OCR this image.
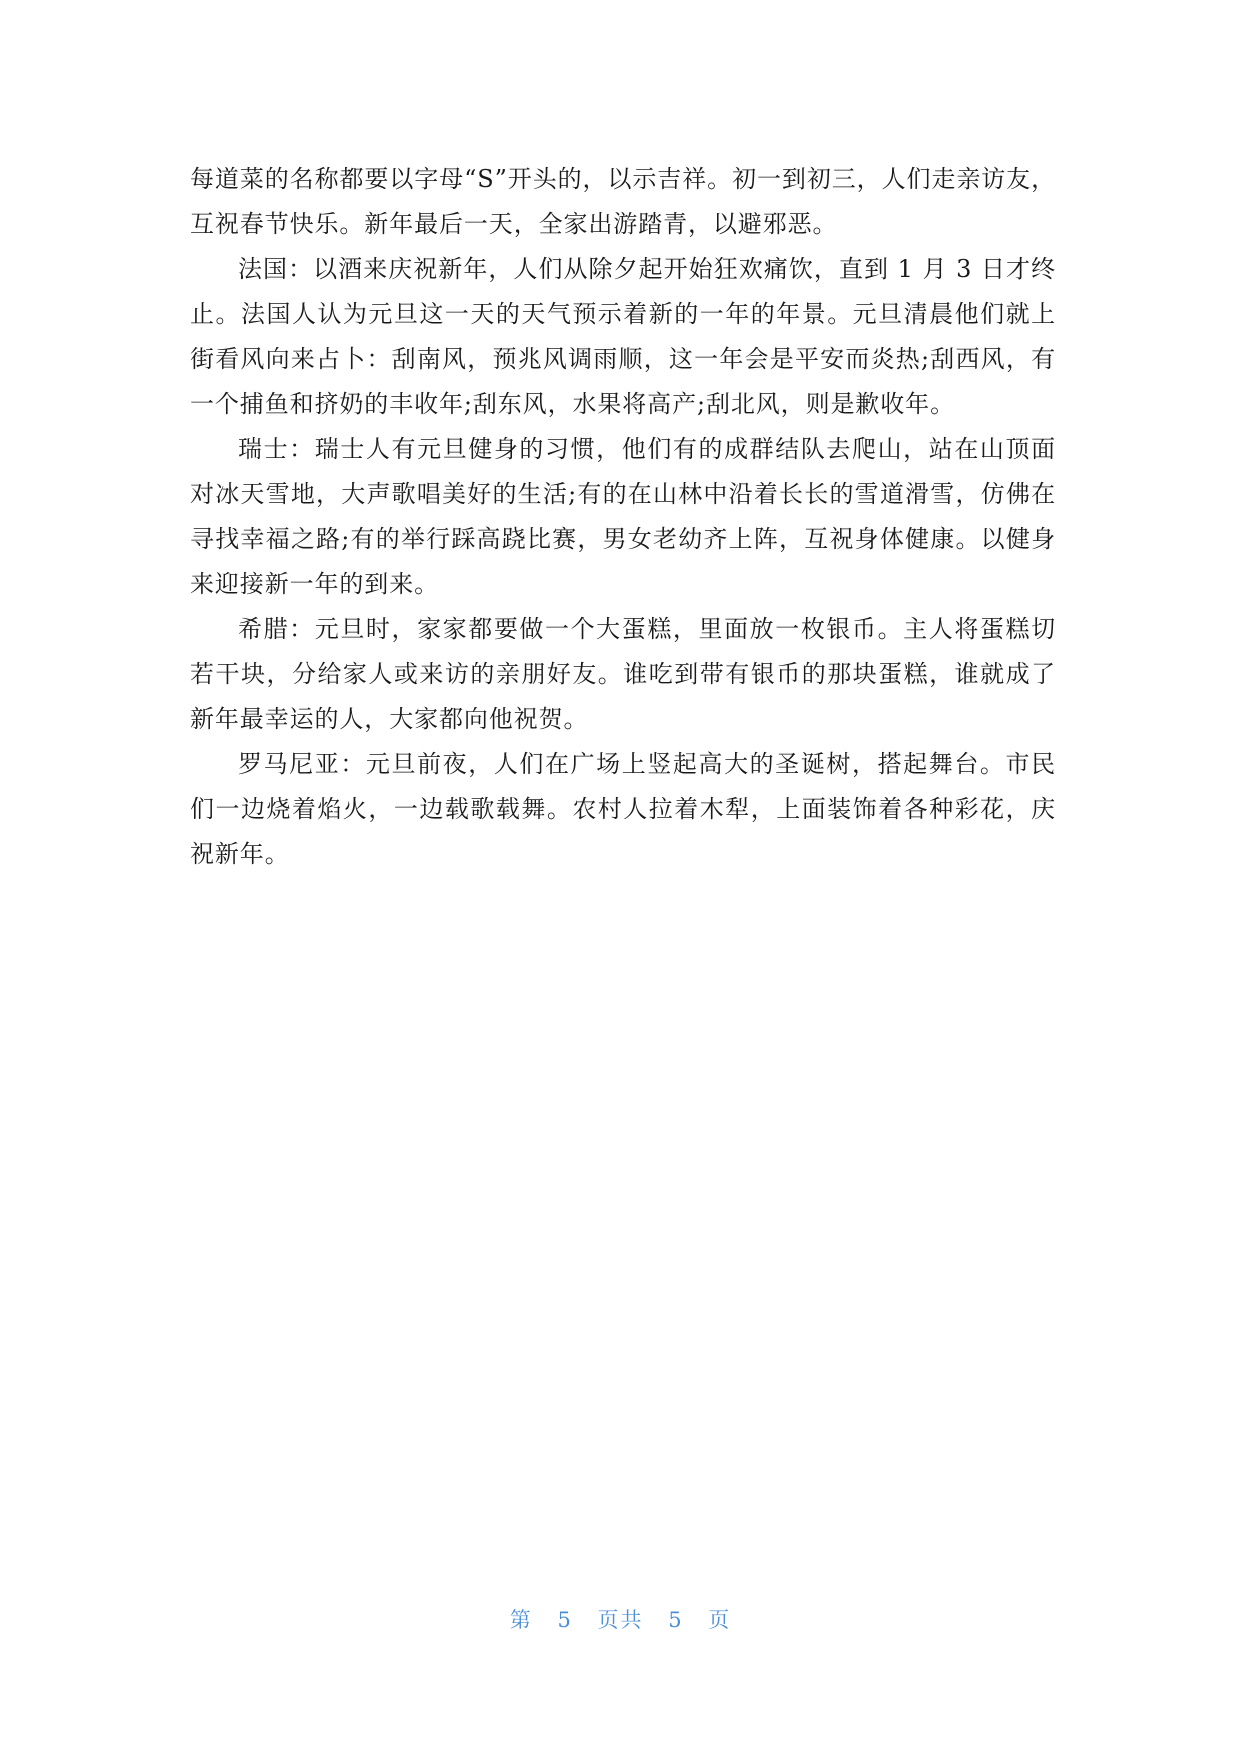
每道菜的名称都要以字母“S”开头的，以示吉祥。初一到初三，人们走亲访友，互祝春节快乐。新年最后一天，全家出游踏青，以避邪恶。

法国：以酒来庆祝新年，人们从除夕起开始狂欢痛饮，直到 1 月 3 日才终止。法国人认为元旦这一天的天气预示着新的一年的年景。元旦清晨他们就上街看风向来占卜：刮南风，预兆风调雨顺，这一年会是平安而炎热;刮西风，有一个捕鱼和挤奶的丰收年;刮东风，水果将高产;刮北风，则是歉收年。

瑞士：瑞士人有元旦健身的习惯，他们有的成群结队去爬山，站在山顶面对冰天雪地，大声歌唱美好的生活;有的在山林中沿着长长的雪道滑雪，仿佛在寻找幸福之路;有的举行踩高跷比赛，男女老幼齐上阵，互祝身体健康。以健身来迎接新一年的到来。

希腊：元旦时，家家都要做一个大蛋糕，里面放一枚银币。主人将蛋糕切若干块，分给家人或来访的亲朋好友。谁吃到带有银币的那块蛋糕，谁就成了新年最幸运的人，大家都向他祝贺。

罗马尼亚：元旦前夜，人们在广场上竖起高大的圣诞树，搭起舞台。市民们一边烧着焰火，一边载歌载舞。农村人拉着木犁，上面装饰着各种彩花，庆祝新年。

第 5 页共 5 页
